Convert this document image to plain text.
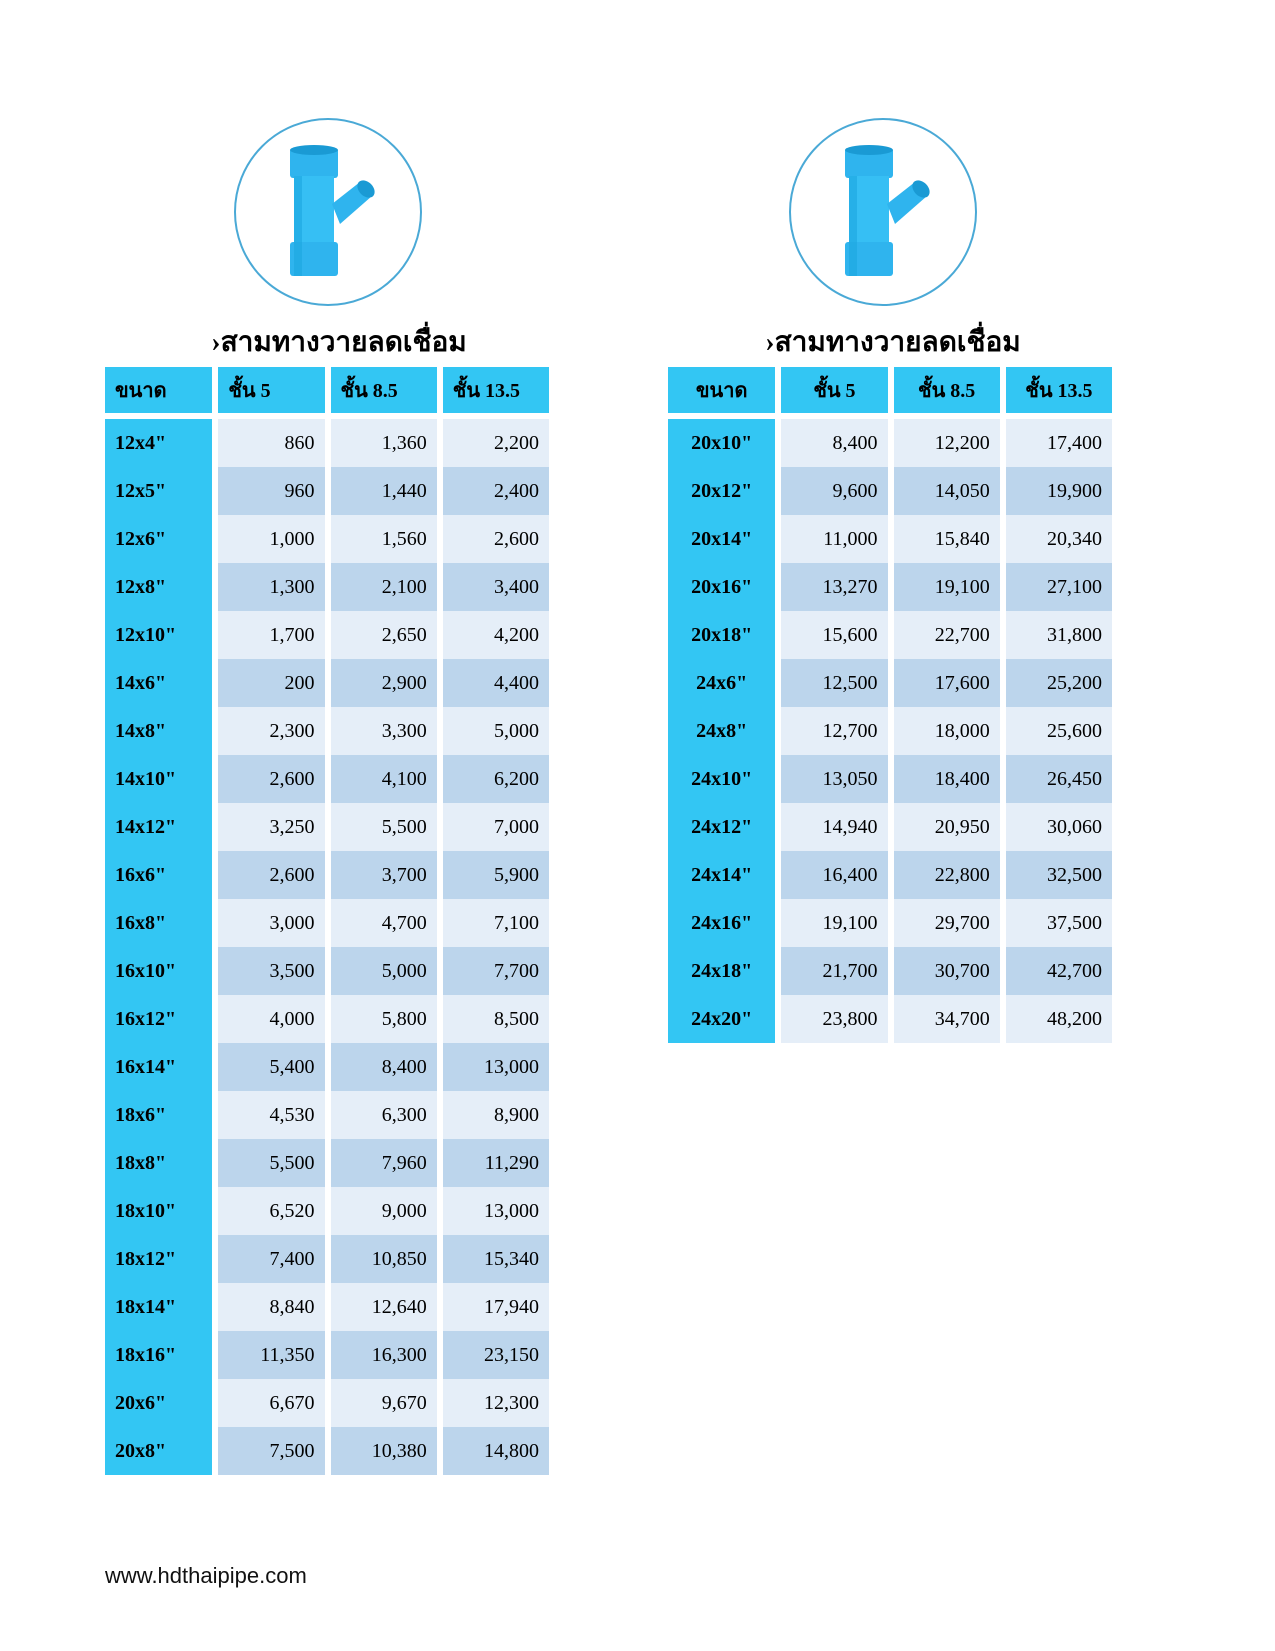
›สามทางวายลดเชื่อม
ขนาด	ชั้น 5	ชั้น 8.5	ชั้น 13.5

12x4"	860	1,360	2,200
12x5"	960	1,440	2,400
12x6"	1,000	1,560	2,600
12x8"	1,300	2,100	3,400
12x10"	1,700	2,650	4,200
14x6"	200	2,900	4,400
14x8"	2,300	3,300	5,000
14x10"	2,600	4,100	6,200
14x12"	3,250	5,500	7,000
16x6"	2,600	3,700	5,900
16x8"	3,000	4,700	7,100
16x10"	3,500	5,000	7,700
16x12"	4,000	5,800	8,500
16x14"	5,400	8,400	13,000
18x6"	4,530	6,300	8,900
18x8"	5,500	7,960	11,290
18x10"	6,520	9,000	13,000
18x12"	7,400	10,850	15,340
18x14"	8,840	12,640	17,940
18x16"	11,350	16,300	23,150
20x6"	6,670	9,670	12,300
20x8"	7,500	10,380	14,800
›สามทางวายลดเชื่อม
ขนาด	ชั้น 5	ชั้น 8.5	ชั้น 13.5

20x10"	8,400	12,200	17,400
20x12"	9,600	14,050	19,900
20x14"	11,000	15,840	20,340
20x16"	13,270	19,100	27,100
20x18"	15,600	22,700	31,800
24x6"	12,500	17,600	25,200
24x8"	12,700	18,000	25,600
24x10"	13,050	18,400	26,450
24x12"	14,940	20,950	30,060
24x14"	16,400	22,800	32,500
24x16"	19,100	29,700	37,500
24x18"	21,700	30,700	42,700
24x20"	23,800	34,700	48,200
www.hdthaipipe.com
